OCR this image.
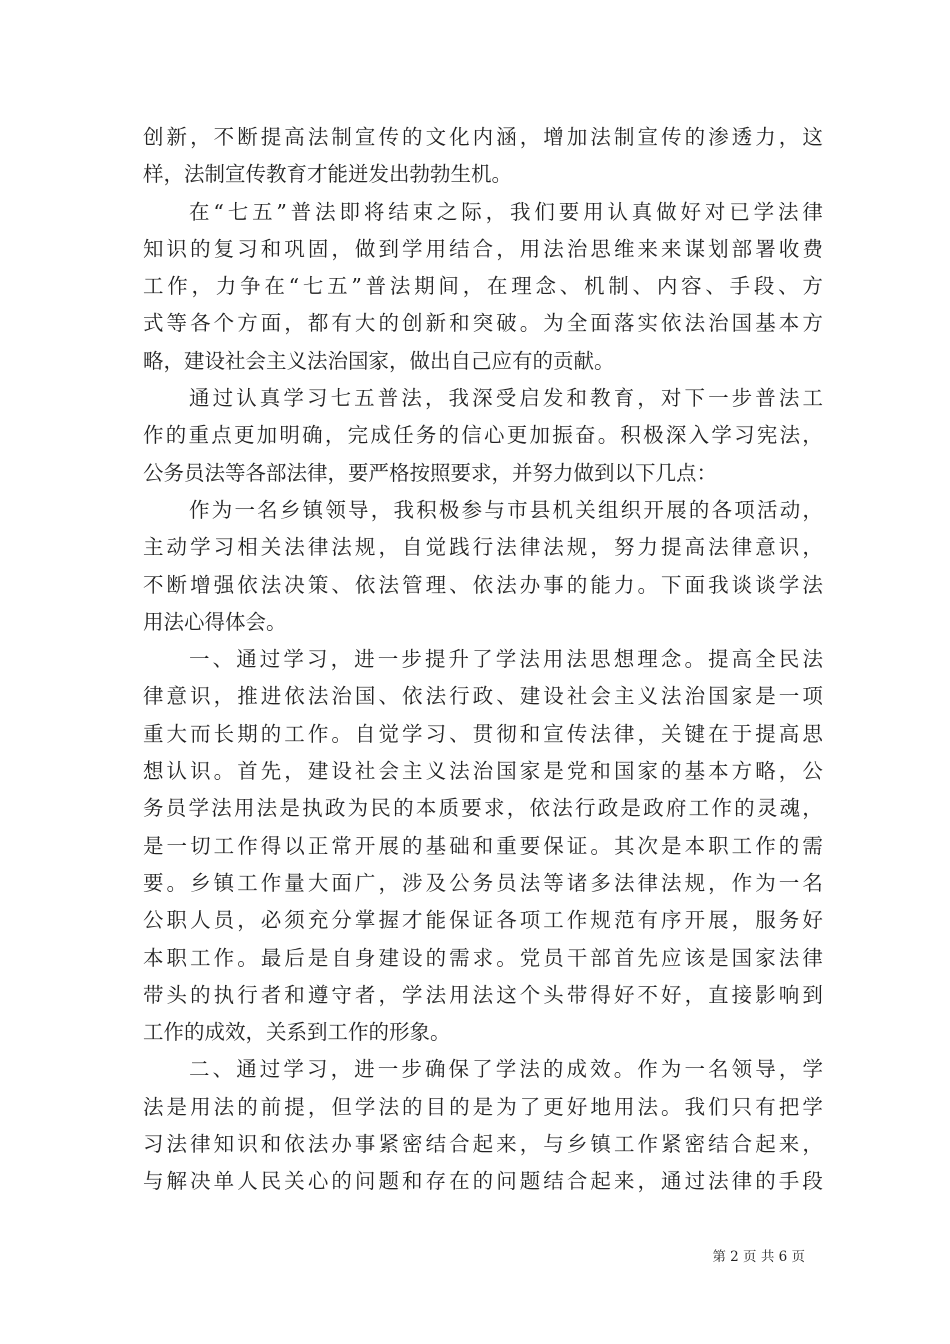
创 新 ， 不 断 提 高 法 制 宣 传 的 文 化 内 涵 ， 增 加 法 制 宣 传 的 渗 透 力 ， 这
样，法制宣传教育才能迸发出勃勃生机。
在 “ 七 五 ” 普 法 即 将 结 束 之 际 ， 我 们 要 用 认 真 做 好 对 已 学 法 律
知 识 的 复 习 和 巩 固 ， 做 到 学 用 结 合 ， 用 法 治 思 维 来 来 谋 划 部 署 收 费
工 作 ， 力 争 在 “ 七 五 ” 普 法 期 间 ， 在 理 念 、 机 制 、 内 容 、 手 段 、 方
式 等 各 个 方 面 ， 都 有 大 的 创 新 和 突 破 。 为 全 面 落 实 依 法 治 国 基 本 方
略，建设社会主义法治国家，做出自己应有的贡献。
通 过 认 真 学 习 七 五 普 法 ， 我 深 受 启 发 和 教 育 ， 对 下 一 步 普 法 工
作 的 重 点 更 加 明 确 ， 完 成 任 务 的 信 心 更 加 振 奋 。 积 极 深 入 学 习 宪 法 ，
公务员法等各部法律，要严格按照要求，并努力做到以下几点：
作 为 一 名 乡 镇 领 导 ， 我 积 极 参 与 市 县 机 关 组 织 开 展 的 各 项 活 动 ，
主 动 学 习 相 关 法 律 法 规 ， 自 觉 践 行 法 律 法 规 ， 努 力 提 高 法 律 意 识 ，
不 断 增 强 依 法 决 策 、 依 法 管 理 、 依 法 办 事 的 能 力 。 下 面 我 谈 谈 学 法
用法心得体会。
一 、 通 过 学 习 ， 进 一 步 提 升 了 学 法 用 法 思 想 理 念 。 提 高 全 民 法
律 意 识 ， 推 进 依 法 治 国 、 依 法 行 政 、 建 设 社 会 主 义 法 治 国 家 是 一 项
重 大 而 长 期 的 工 作 。 自 觉 学 习 、 贯 彻 和 宣 传 法 律 ， 关 键 在 于 提 高 思
想 认 识 。 首 先 ， 建 设 社 会 主 义 法 治 国 家 是 党 和 国 家 的 基 本 方 略 ， 公
务 员 学 法 用 法 是 执 政 为 民 的 本 质 要 求 ， 依 法 行 政 是 政 府 工 作 的 灵 魂 ，
是 一 切 工 作 得 以 正 常 开 展 的 基 础 和 重 要 保 证 。 其 次 是 本 职 工 作 的 需
要 。 乡 镇 工 作 量 大 面 广 ， 涉 及 公 务 员 法 等 诸 多 法 律 法 规 ， 作 为 一 名
公 职 人 员 ， 必 须 充 分 掌 握 才 能 保 证 各 项 工 作 规 范 有 序 开 展 ， 服 务 好
本 职 工 作 。 最 后 是 自 身 建 设 的 需 求 。 党 员 干 部 首 先 应 该 是 国 家 法 律
带 头 的 执 行 者 和 遵 守 者 ， 学 法 用 法 这 个 头 带 得 好 不 好 ， 直 接 影 响 到
工作的成效，关系到工作的形象。
二 、 通 过 学 习 ， 进 一 步 确 保 了 学 法 的 成 效 。 作 为 一 名 领 导 ， 学
法 是 用 法 的 前 提 ， 但 学 法 的 目 的 是 为 了 更 好 地 用 法 。 我 们 只 有 把 学
习 法 律 知 识 和 依 法 办 事 紧 密 结 合 起 来 ， 与 乡 镇 工 作 紧 密 结 合 起 来 ，
与 解 决 单 人 民 关 心 的 问 题 和 存 在 的 问 题 结 合 起 来 ， 通 过 法 律 的 手 段
第 2 页 共 6 页
